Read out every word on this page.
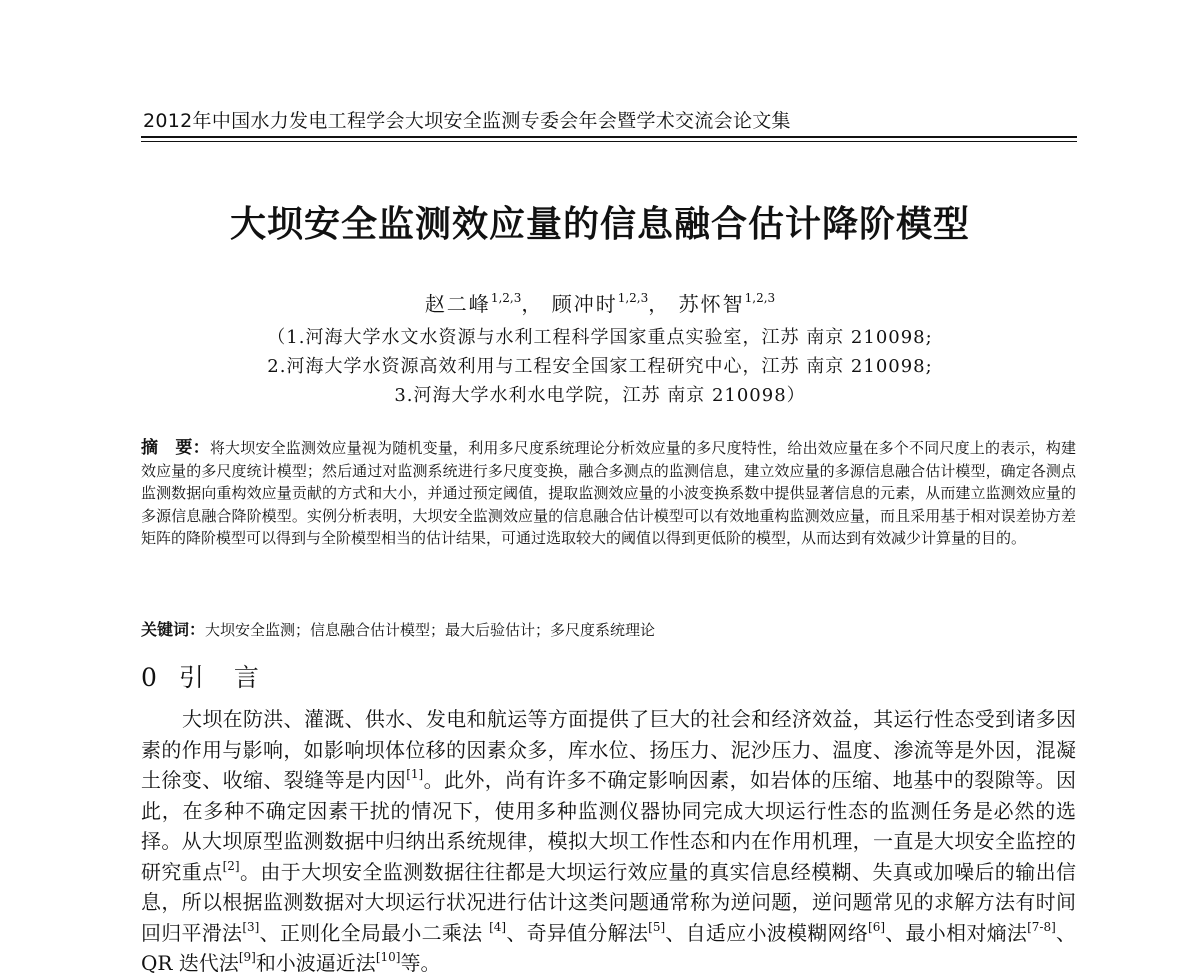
2012年中国水力发电工程学会大坝安全监测专委会年会暨学术交流会论文集
大坝安全监测效应量的信息融合估计降阶模型
赵二峰$^{1,2,3}$， 顾冲时$^{1,2,3}$， 苏怀智$^{1,2,3}$
（1.河海大学水文水资源与水利工程科学国家重点实验室，江苏 南京 210098;
2.河海大学水资源高效利用与工程安全国家工程研究中心，江苏 南京 210098;
3.河海大学水利水电学院，江苏 南京 210098）
摘　要：将大坝安全监测效应量视为随机变量，利用多尺度系统理论分析效应量的多尺度特性，给出效应量在多个不同尺度上的表示，构建效应量的多尺度统计模型；然后通过对监测系统进行多尺度变换，融合多测点的监测信息，建立效应量的多源信息融合估计模型，确定各测点监测数据向重构效应量贡献的方式和大小，并通过预定阈值，提取监测效应量的小波变换系数中提供显著信息的元素，从而建立监测效应量的多源信息融合降阶模型。实例分析表明，大坝安全监测效应量的信息融合估计模型可以有效地重构监测效应量，而且采用基于相对误差协方差矩阵的降阶模型可以得到与全阶模型相当的估计结果，可通过选取较大的阈值以得到更低阶的模型，从而达到有效减少计算量的目的。
关键词：大坝安全监测；信息融合估计模型；最大后验估计；多尺度系统理论
0 引言
大坝在防洪、灌溉、供水、发电和航运等方面提供了巨大的社会和经济效益，其运行性态受到诸多因素的作用与影响，如影响坝体位移的因素众多，库水位、扬压力、泥沙压力、温度、渗流等是外因，混凝土徐变、收缩、裂缝等是内因[1]。此外，尚有许多不确定影响因素，如岩体的压缩、地基中的裂隙等。因此，在多种不确定因素干扰的情况下，使用多种监测仪器协同完成大坝运行性态的监测任务是必然的选择。从大坝原型监测数据中归纳出系统规律，模拟大坝工作性态和内在作用机理，一直是大坝安全监控的研究重点[2]。由于大坝安全监测数据往往都是大坝运行效应量的真实信息经模糊、失真或加噪后的输出信息，所以根据监测数据对大坝运行状况进行估计这类问题通常称为逆问题，逆问题常见的求解方法有时间回归平滑法[3]、正则化全局最小二乘法 [4]、奇异值分解法[5]、自适应小波模糊网络[6]、最小相对熵法[7-8]、QR 迭代法[9]和小波逼近法[10]等。
